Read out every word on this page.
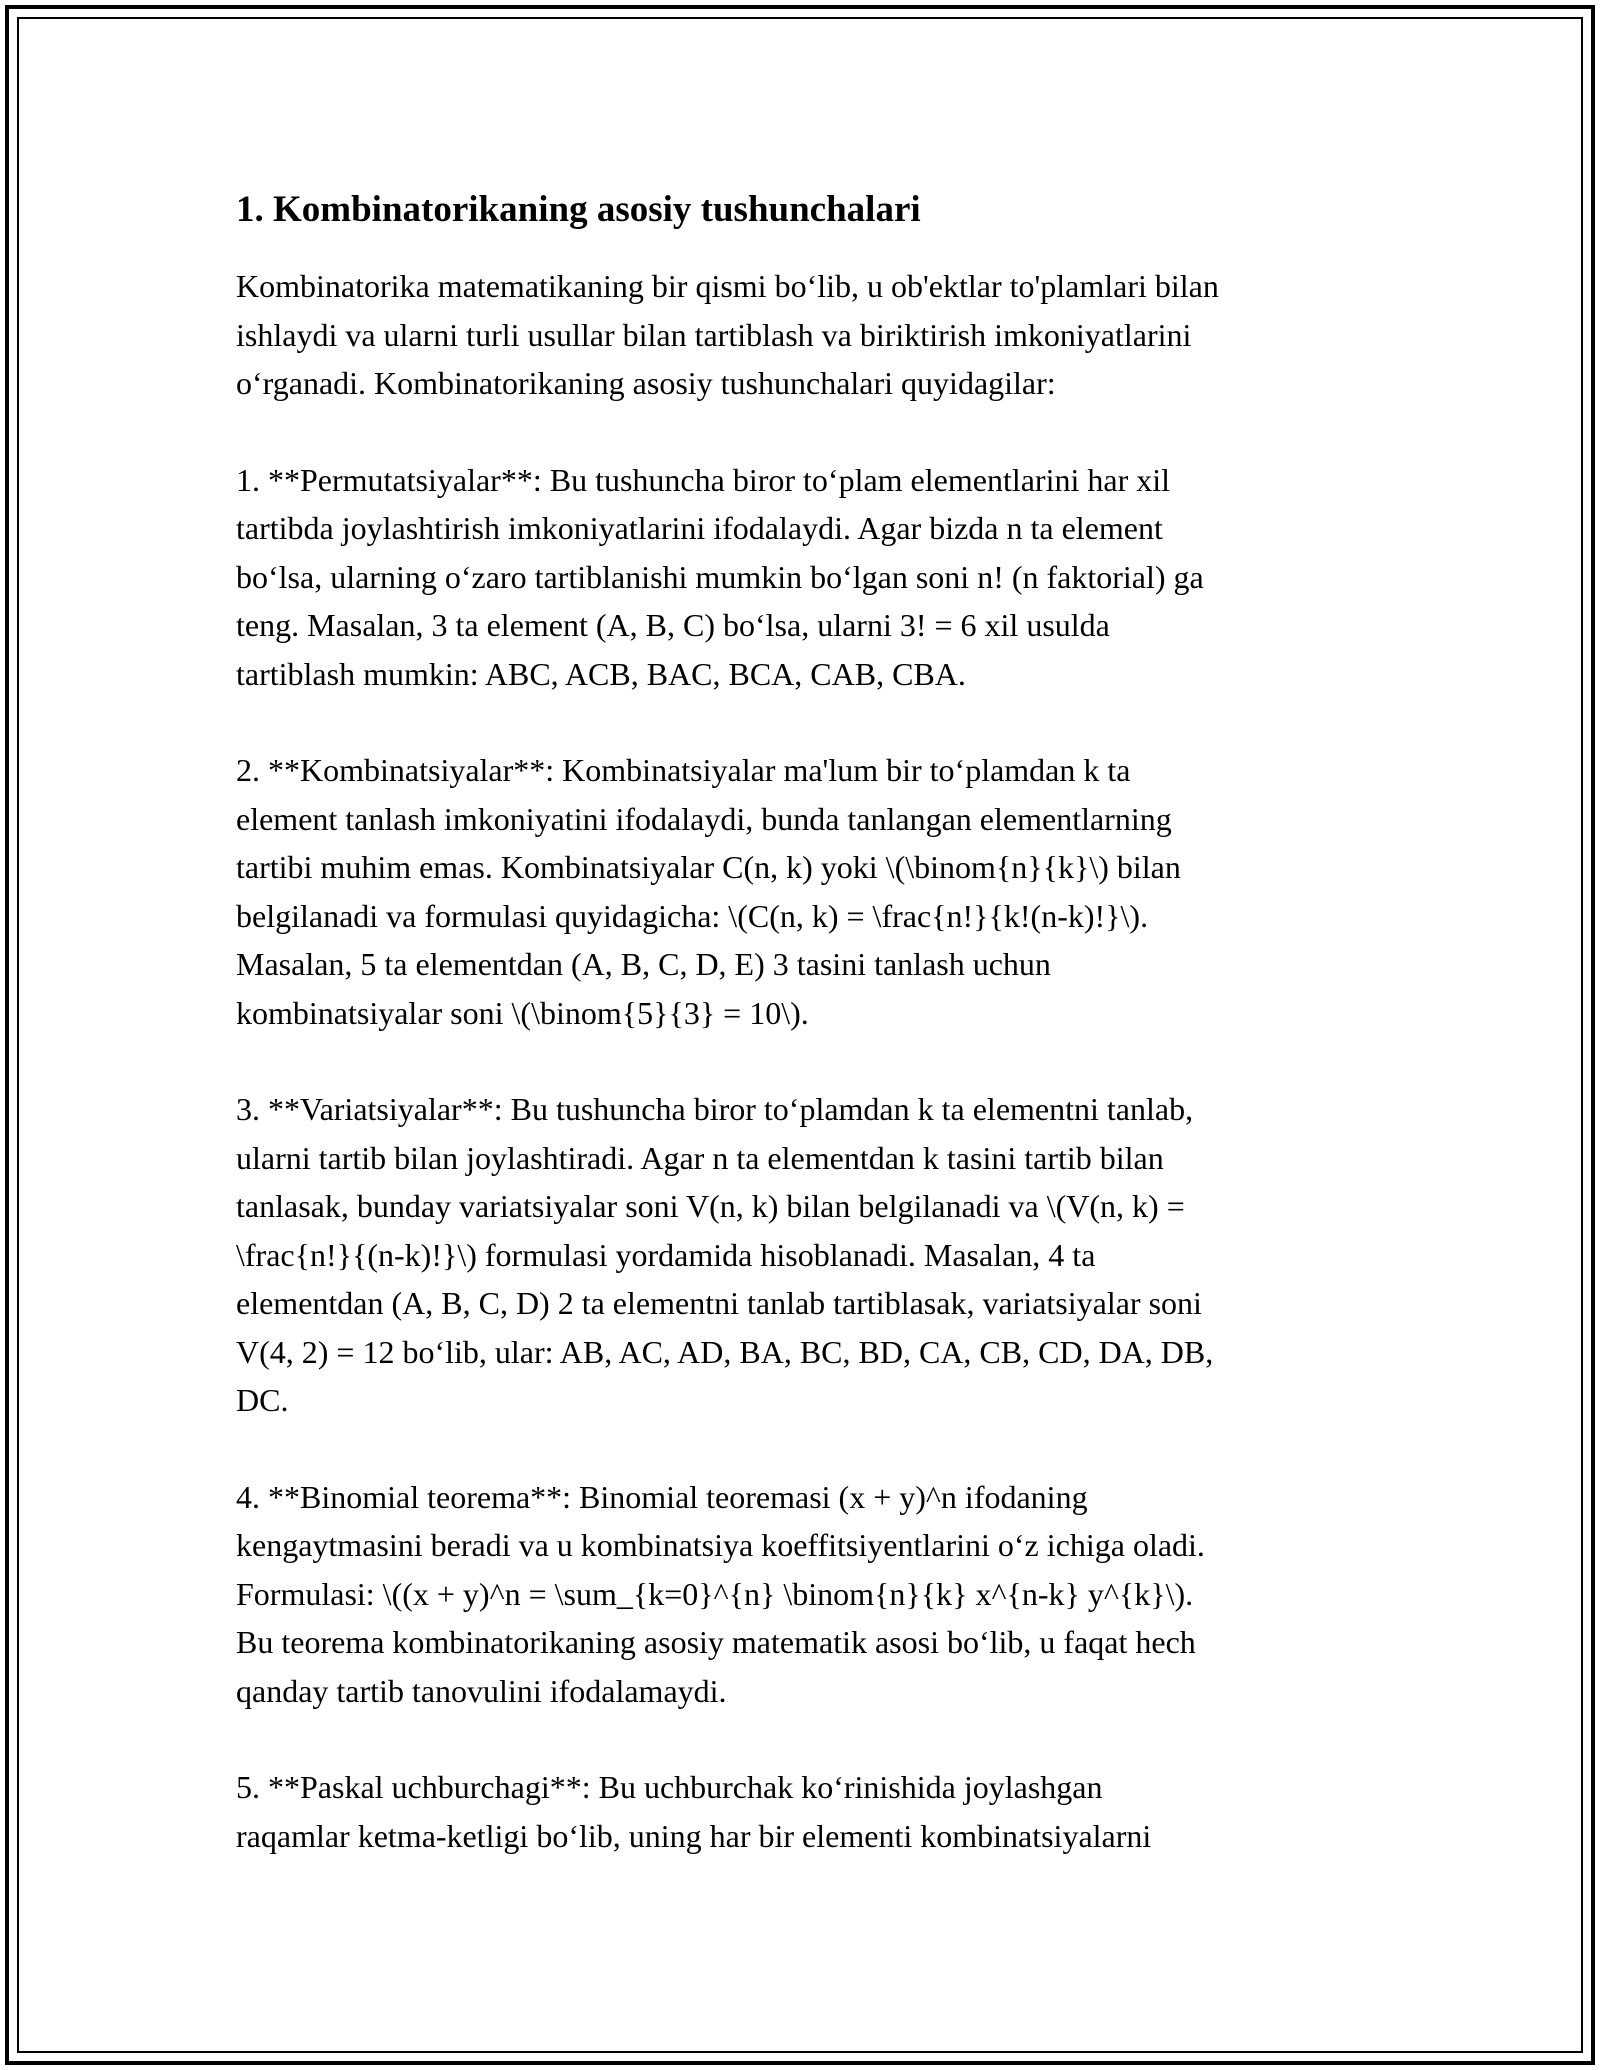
1. Kombinatorikaning asosiy tushunchalari

Kombinatorika matematikaning bir qismi bo‘lib, u ob'ektlar to'plamlari bilan
ishlaydi va ularni turli usullar bilan tartiblash va biriktirish imkoniyatlarini
o‘rganadi. Kombinatorikaning asosiy tushunchalari quyidagilar:

1. **Permutatsiyalar**: Bu tushuncha biror to‘plam elementlarini har xil
tartibda joylashtirish imkoniyatlarini ifodalaydi. Agar bizda n ta element
bo‘lsa, ularning o‘zaro tartiblanishi mumkin bo‘lgan soni n! (n faktorial) ga
teng. Masalan, 3 ta element (A, B, C) bo‘lsa, ularni 3! = 6 xil usulda
tartiblash mumkin: ABC, ACB, BAC, BCA, CAB, CBA.

2. **Kombinatsiyalar**: Kombinatsiyalar ma'lum bir to‘plamdan k ta
element tanlash imkoniyatini ifodalaydi, bunda tanlangan elementlarning
tartibi muhim emas. Kombinatsiyalar C(n, k) yoki \(\binom{n}{k}\) bilan
belgilanadi va formulasi quyidagicha: \(C(n, k) = \frac{n!}{k!(n-k)!}\).
Masalan, 5 ta elementdan (A, B, C, D, E) 3 tasini tanlash uchun
kombinatsiyalar soni \(\binom{5}{3} = 10\).

3. **Variatsiyalar**: Bu tushuncha biror to‘plamdan k ta elementni tanlab,
ularni tartib bilan joylashtiradi. Agar n ta elementdan k tasini tartib bilan
tanlasak, bunday variatsiyalar soni V(n, k) bilan belgilanadi va \(V(n, k) =
\frac{n!}{(n-k)!}\) formulasi yordamida hisoblanadi. Masalan, 4 ta
elementdan (A, B, C, D) 2 ta elementni tanlab tartiblasak, variatsiyalar soni
V(4, 2) = 12 bo‘lib, ular: AB, AC, AD, BA, BC, BD, CA, CB, CD, DA, DB,
DC.

4. **Binomial teorema**: Binomial teoremasi (x + y)^n ifodaning
kengaytmasini beradi va u kombinatsiya koeffitsiyentlarini o‘z ichiga oladi.
Formulasi: \((x + y)^n = \sum_{k=0}^{n} \binom{n}{k} x^{n-k} y^{k}\).
Bu teorema kombinatorikaning asosiy matematik asosi bo‘lib, u faqat hech
qanday tartib tanovulini ifodalamaydi.

5. **Paskal uchburchagi**: Bu uchburchak ko‘rinishida joylashgan
raqamlar ketma-ketligi bo‘lib, uning har bir elementi kombinatsiyalarni
